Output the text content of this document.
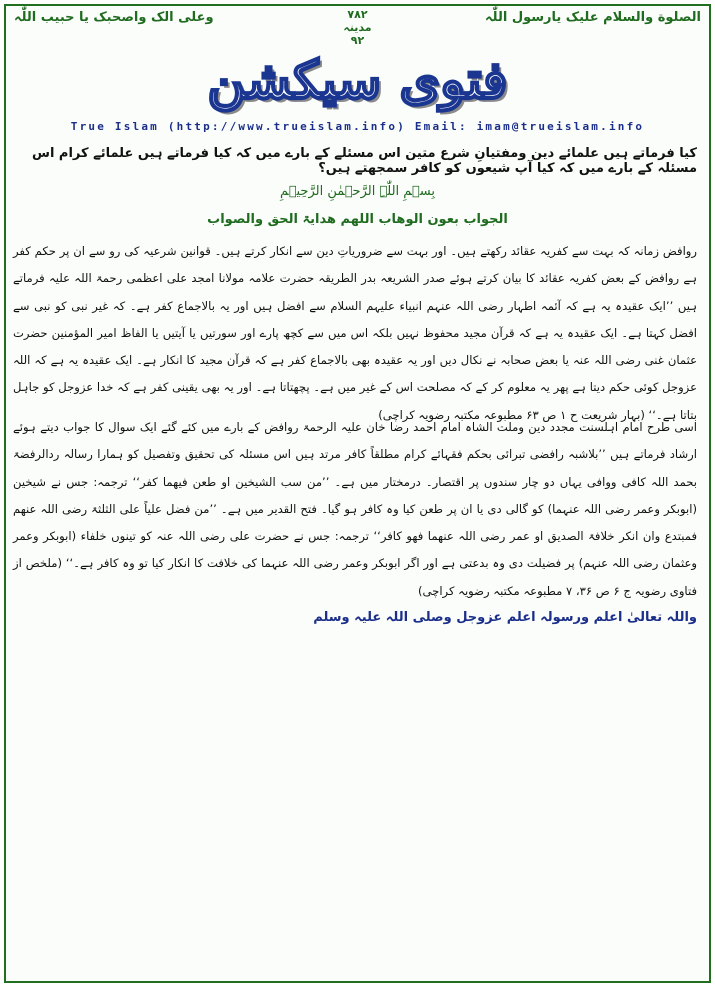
الصلوة والسلام علیک یارسول اللّٰہ
۷۸۲
مدینہ
۹۲
وعلی الک واصحبک یا حبیب اللّٰہ
فتوی سیکشن
True Islam (http://www.trueislam.info) Email: imam@trueislam.info
کیا فرماتے ہیں علمائے دین ومفتیانِ شرع متین اس مسئلے کے بارے میں کہ کیا فرماتے ہیں علمائے کرام اس مسئلہ کے بارے میں کہ کیا آپ شیعوں کو کافر سمجھتے ہیں؟
بِسۡمِ اللّٰہِ الرَّحۡمٰنِ الرَّحِیۡمِ
الجواب بعون الوھاب اللھم ھدایۃ الحق والصواب
روافض زمانہ کہ بہت سے کفریہ عقائد رکھتے ہیں۔ اور بہت سے ضروریاتِ دین سے انکار کرتے ہیں۔ قوانین شرعیہ کی رو سے ان پر حکم کفر ہے روافض کے بعض کفریہ عقائد کا بیان کرتے ہوئے صدر الشریعہ بدر الطریقہ حضرت علامہ مولانا امجد علی اعظمی رحمۃ اللہ علیہ فرماتے ہیں ’’ایک عقیدہ یہ ہے کہ آئمہ اطہار رضی اللہ عنہم انبیاء علیہم السلام سے افضل ہیں اور یہ بالاجماع کفر ہے۔ کہ غیر نبی کو نبی سے افضل کہتا ہے۔ ایک عقیدہ یہ ہے کہ قرآن مجید محفوظ نہیں بلکہ اس میں سے کچھ پارے اور سورتیں یا آیتیں یا الفاظ امیر المؤمنین حضرت عثمان غنی رضی اللہ عنہ یا بعض صحابہ نے نکال دیں اور یہ عقیدہ بھی بالاجماع کفر ہے کہ قرآن مجید کا انکار ہے۔ ایک عقیدہ یہ ہے کہ اللہ عزوجل کوئی حکم دیتا ہے پھر یہ معلوم کر کے کہ مصلحت اس کے غیر میں ہے۔ پچھتاتا ہے۔ اور یہ بھی یقینی کفر ہے کہ خدا عزوجل کو جاہل بتاتا ہے۔‘‘ (بہار شریعت ح ۱ ص ۶۳ مطبوعہ مکتبہ رضویہ کراچی)
اسی طرح امام اہلسنت مجدد دین وملت الشاہ امام احمد رضا خان علیہ الرحمۃ روافض کے بارے میں کئے گئے ایک سوال کا جواب دیتے ہوئے ارشاد فرماتے ہیں ’’بلاشبہ رافضی تبرائی بحکم فقہائے کرام مطلقاً کافر مرتد ہیں اس مسئلہ کی تحقیق وتفصیل کو ہمارا رسالہ ردالرفضۃ بحمد اللہ کافی ووافی یہاں دو چار سندوں پر اقتصار۔ درمختار میں ہے۔ ’’من سب الشیخین او طعن فیھما کفر‘‘ ترجمہ: جس نے شیخین (ابوبکر وعمر رضی اللہ عنہما) کو گالی دی یا ان پر طعن کیا وہ کافر ہو گیا۔ فتح القدیر میں ہے۔ ’’من فضل علیاً علی الثلثۃ رضی اللہ عنھم فمبتدع وان انکر خلافۃ الصدیق او عمر رضی اللہ عنھما فھو کافر‘‘ ترجمہ: جس نے حضرت علی رضی اللہ عنہ کو تینوں خلفاء (ابوبکر وعمر وعثمان رضی اللہ عنہم) پر فضیلت دی وہ بدعتی ہے اور اگر ابوبکر وعمر رضی اللہ عنہما کی خلافت کا انکار کیا تو وہ کافر ہے۔‘‘ (ملخص از فتاوی رضویہ ج ۶ ص ۳۶، ۷ مطبوعہ مکتبہ رضویہ کراچی)
واللہ تعالیٰ اعلم ورسولہ اعلم عزوجل وصلی اللہ علیہ وسلم
